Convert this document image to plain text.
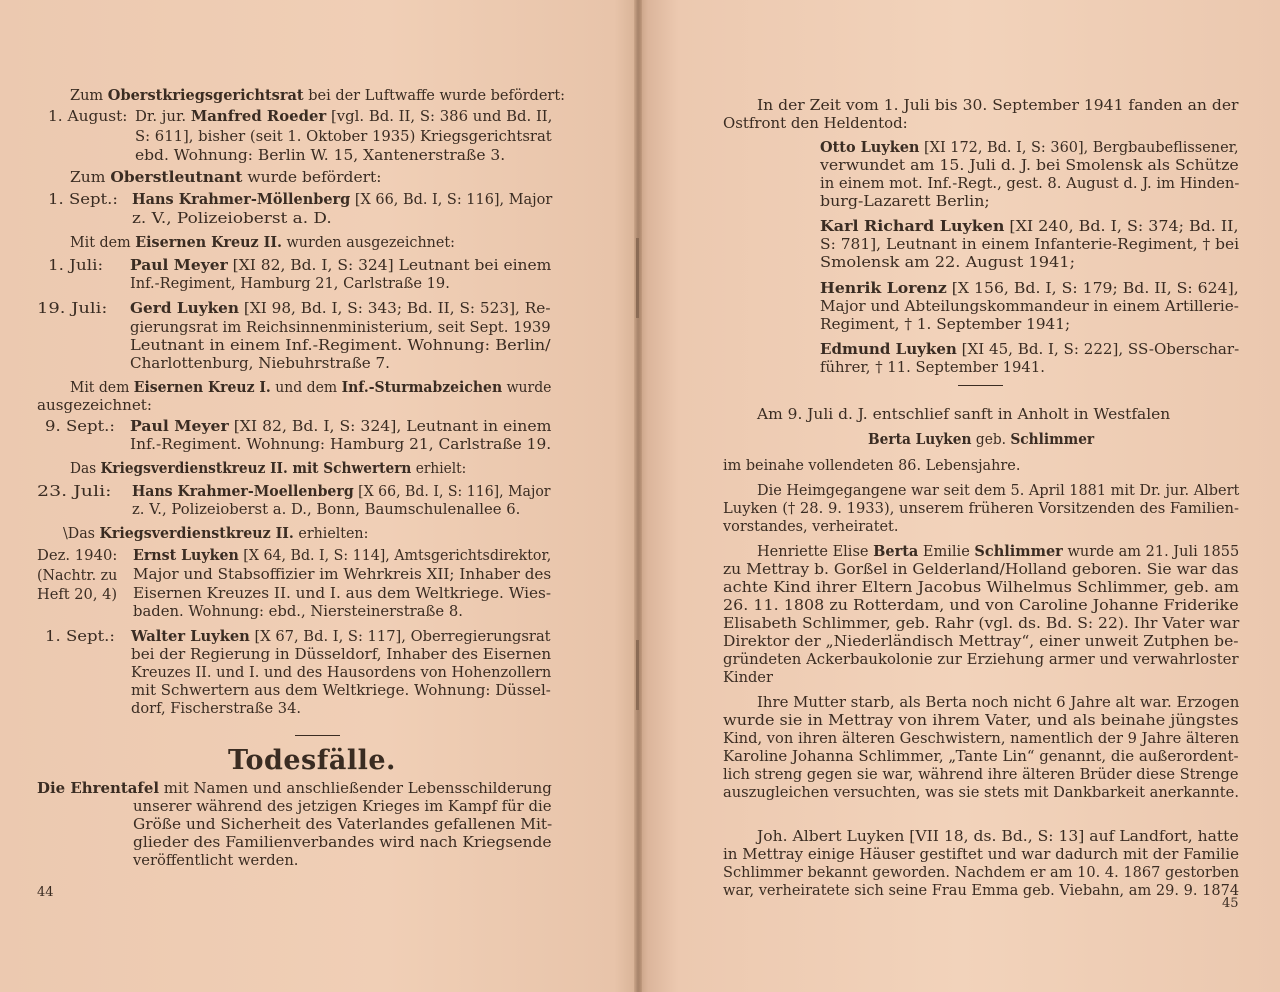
Todesfälle.
44
Zum Oberstkriegsgerichtsrat bei der Luftwaffe wurde befördert:
1. August: Dr. jur. Manfred Roeder [vgl. Bd. II, S: 386 und Bd. II,
S: 611], bisher (seit 1. Oktober 1935) Kriegsgerichtsrat
ebd. Wohnung: Berlin W. 15, Xantenerstraße 3.
Zum Oberstleutnant wurde befördert:
1. Sept.: Hans Krahmer-Möllenberg [X 66, Bd. I, S: 116], Major
z. V., Polizeioberst a. D.
Mit dem Eisernen Kreuz II. wurden ausgezeichnet:
1. Juli: Paul Meyer [XI 82, Bd. I, S: 324] Leutnant bei einem
Inf.-Regiment, Hamburg 21, Carlstraße 19.
19. Juli: Gerd Luyken [XI 98, Bd. I, S: 343; Bd. II, S: 523], Re-
gierungsrat im Reichsinnenministerium, seit Sept. 1939
Leutnant in einem Inf.-Regiment. Wohnung: Berlin/
Charlottenburg, Niebuhrstraße 7.
Mit dem Eisernen Kreuz I. und dem Inf.-Sturmabzeichen wurde
ausgezeichnet:
9. Sept.: Paul Meyer [XI 82, Bd. I, S: 324], Leutnant in einem
Inf.-Regiment. Wohnung: Hamburg 21, Carlstraße 19.
Das Kriegsverdienstkreuz II. mit Schwertern erhielt:
23. Juli: Hans Krahmer-Moellenberg [X 66, Bd. I, S: 116], Major
z. V., Polizeioberst a. D., Bonn, Baumschulenallee 6.
\Das Kriegsverdienstkreuz II. erhielten:
Dez. 1940:
(Nachtr. zu
Heft 20, 4)
Ernst Luyken [X 64, Bd. I, S: 114], Amtsgerichtsdirektor,
Major und Stabsoffizier im Wehrkreis XII; Inhaber des
Eisernen Kreuzes II. und I. aus dem Weltkriege. Wies-
baden. Wohnung: ebd., Niersteinerstraße 8.
1. Sept.: Walter Luyken [X 67, Bd. I, S: 117], Oberregierungsrat
bei der Regierung in Düsseldorf, Inhaber des Eisernen
Kreuzes II. und I. und des Hausordens von Hohenzollern
mit Schwertern aus dem Weltkriege. Wohnung: Düssel-
dorf, Fischerstraße 34.
Die Ehrentafel mit Namen und anschließender Lebensschilderung
unserer während des jetzigen Krieges im Kampf für die
Größe und Sicherheit des Vaterlandes gefallenen Mit-
glieder des Familienverbandes wird nach Kriegsende
veröffentlicht werden.
45
In der Zeit vom 1. Juli bis 30. September 1941 fanden an der
Ostfront den Heldentod:
Otto Luyken [XI 172, Bd. I, S: 360], Bergbaubeflissener,
verwundet am 15. Juli d. J. bei Smolensk als Schütze
in einem mot. Inf.-Regt., gest. 8. August d. J. im Hinden-
burg-Lazarett Berlin;
Karl Richard Luyken [XI 240, Bd. I, S: 374; Bd. II,
S: 781], Leutnant in einem Infanterie-Regiment, † bei
Smolensk am 22. August 1941;
Henrik Lorenz [X 156, Bd. I, S: 179; Bd. II, S: 624],
Major und Abteilungskommandeur in einem Artillerie-
Regiment, † 1. September 1941;
Edmund Luyken [XI 45, Bd. I, S: 222], SS-Oberschar-
führer, † 11. September 1941.
Am 9. Juli d. J. entschlief sanft in Anholt in Westfalen
Berta Luyken geb. Schlimmer
im beinahe vollendeten 86. Lebensjahre.
Die Heimgegangene war seit dem 5. April 1881 mit Dr. jur. Albert
Luyken († 28. 9. 1933), unserem früheren Vorsitzenden des Familien-
vorstandes, verheiratet.
Henriette Elise Berta Emilie Schlimmer wurde am 21. Juli 1855
zu Mettray b. Gorßel in Gelderland/Holland geboren. Sie war das
achte Kind ihrer Eltern Jacobus Wilhelmus Schlimmer, geb. am
26. 11. 1808 zu Rotterdam, und von Caroline Johanne Friderike
Elisabeth Schlimmer, geb. Rahr (vgl. ds. Bd. S: 22). Ihr Vater war
Direktor der „Niederländisch Mettray“, einer unweit Zutphen be-
gründeten Ackerbaukolonie zur Erziehung armer und verwahrloster
Kinder
Ihre Mutter starb, als Berta noch nicht 6 Jahre alt war. Erzogen
wurde sie in Mettray von ihrem Vater, und als beinahe jüngstes
Kind, von ihren älteren Geschwistern, namentlich der 9 Jahre älteren
Karoline Johanna Schlimmer, „Tante Lin“ genannt, die außerordent-
lich streng gegen sie war, während ihre älteren Brüder diese Strenge
auszugleichen versuchten, was sie stets mit Dankbarkeit anerkannte.
Joh. Albert Luyken [VII 18, ds. Bd., S: 13] auf Landfort, hatte
in Mettray einige Häuser gestiftet und war dadurch mit der Familie
Schlimmer bekannt geworden. Nachdem er am 10. 4. 1867 gestorben
war, verheiratete sich seine Frau Emma geb. Viebahn, am 29. 9. 1874
